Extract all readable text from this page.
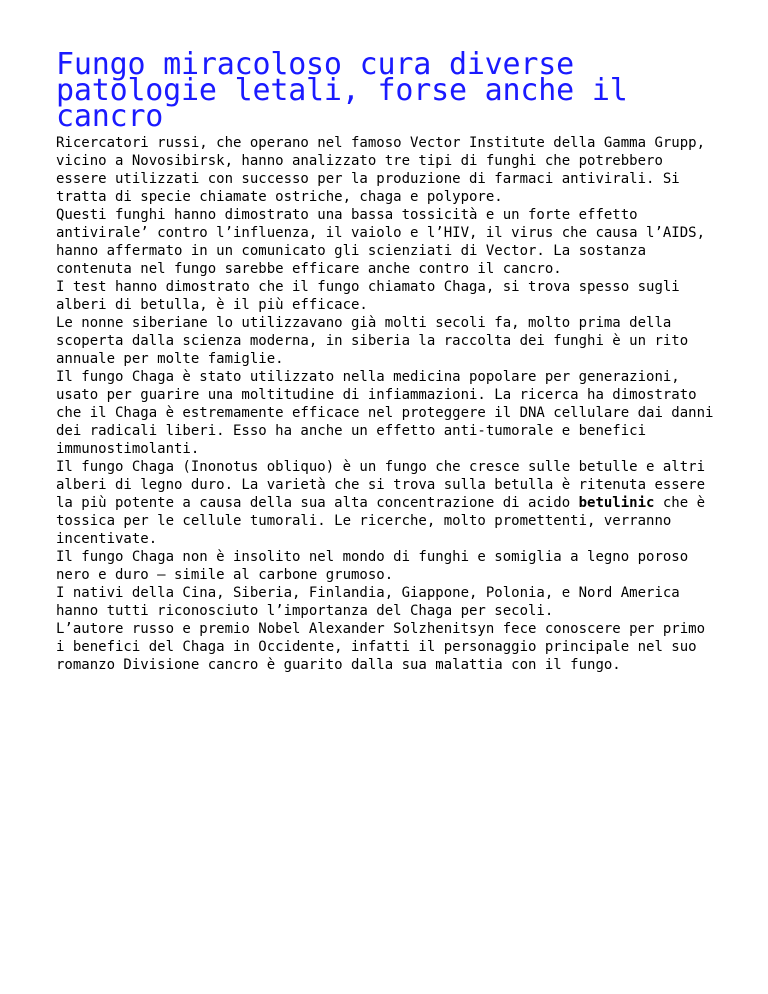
Fungo miracoloso cura diverse patologie letali, forse anche il cancro

Ricercatori russi, che operano nel famoso Vector Institute della Gamma Grupp, vicino a Novosibirsk, hanno analizzato tre tipi di funghi che potrebbero essere utilizzati con successo per la produzione di farmaci antivirali. Si tratta di specie chiamate ostriche, chaga e polypore.

Questi funghi hanno dimostrato una bassa tossicità e un forte effetto antivirale’ contro l’influenza, il vaiolo e l’HIV, il virus che causa l’AIDS, hanno affermato in un comunicato gli scienziati di Vector. La sostanza contenuta nel fungo sarebbe efficare anche contro il cancro.

I test hanno dimostrato che il fungo chiamato Chaga, si trova spesso sugli alberi di betulla, è il più efficace.

Le nonne siberiane lo utilizzavano già molti secoli fa, molto prima della scoperta dalla scienza moderna, in siberia la raccolta dei funghi è un rito annuale per molte famiglie.

Il fungo Chaga è stato utilizzato nella medicina popolare per generazioni, usato per guarire una moltitudine di infiammazioni. La ricerca ha dimostrato che il Chaga è estremamente efficace nel proteggere il DNA cellulare dai danni dei radicali liberi. Esso ha anche un effetto anti-tumorale e benefici immunostimolanti.

Il fungo Chaga (Inonotus obliquo) è un fungo che cresce sulle betulle e altri alberi di legno duro. La varietà che si trova sulla betulla è ritenuta essere la più potente a causa della sua alta concentrazione di acido betulinic che è tossica per le cellule tumorali. Le ricerche, molto promettenti, verranno incentivate.

Il fungo Chaga non è insolito nel mondo di funghi e somiglia a legno poroso nero e duro — simile al carbone grumoso.

I nativi della Cina, Siberia, Finlandia, Giappone, Polonia, e Nord America hanno tutti riconosciuto l’importanza del Chaga per secoli.

L’autore russo e premio Nobel Alexander Solzhenitsyn fece conoscere per primo i benefici del Chaga in Occidente, infatti il personaggio principale nel suo romanzo Divisione cancro è guarito dalla sua malattia con il fungo.
